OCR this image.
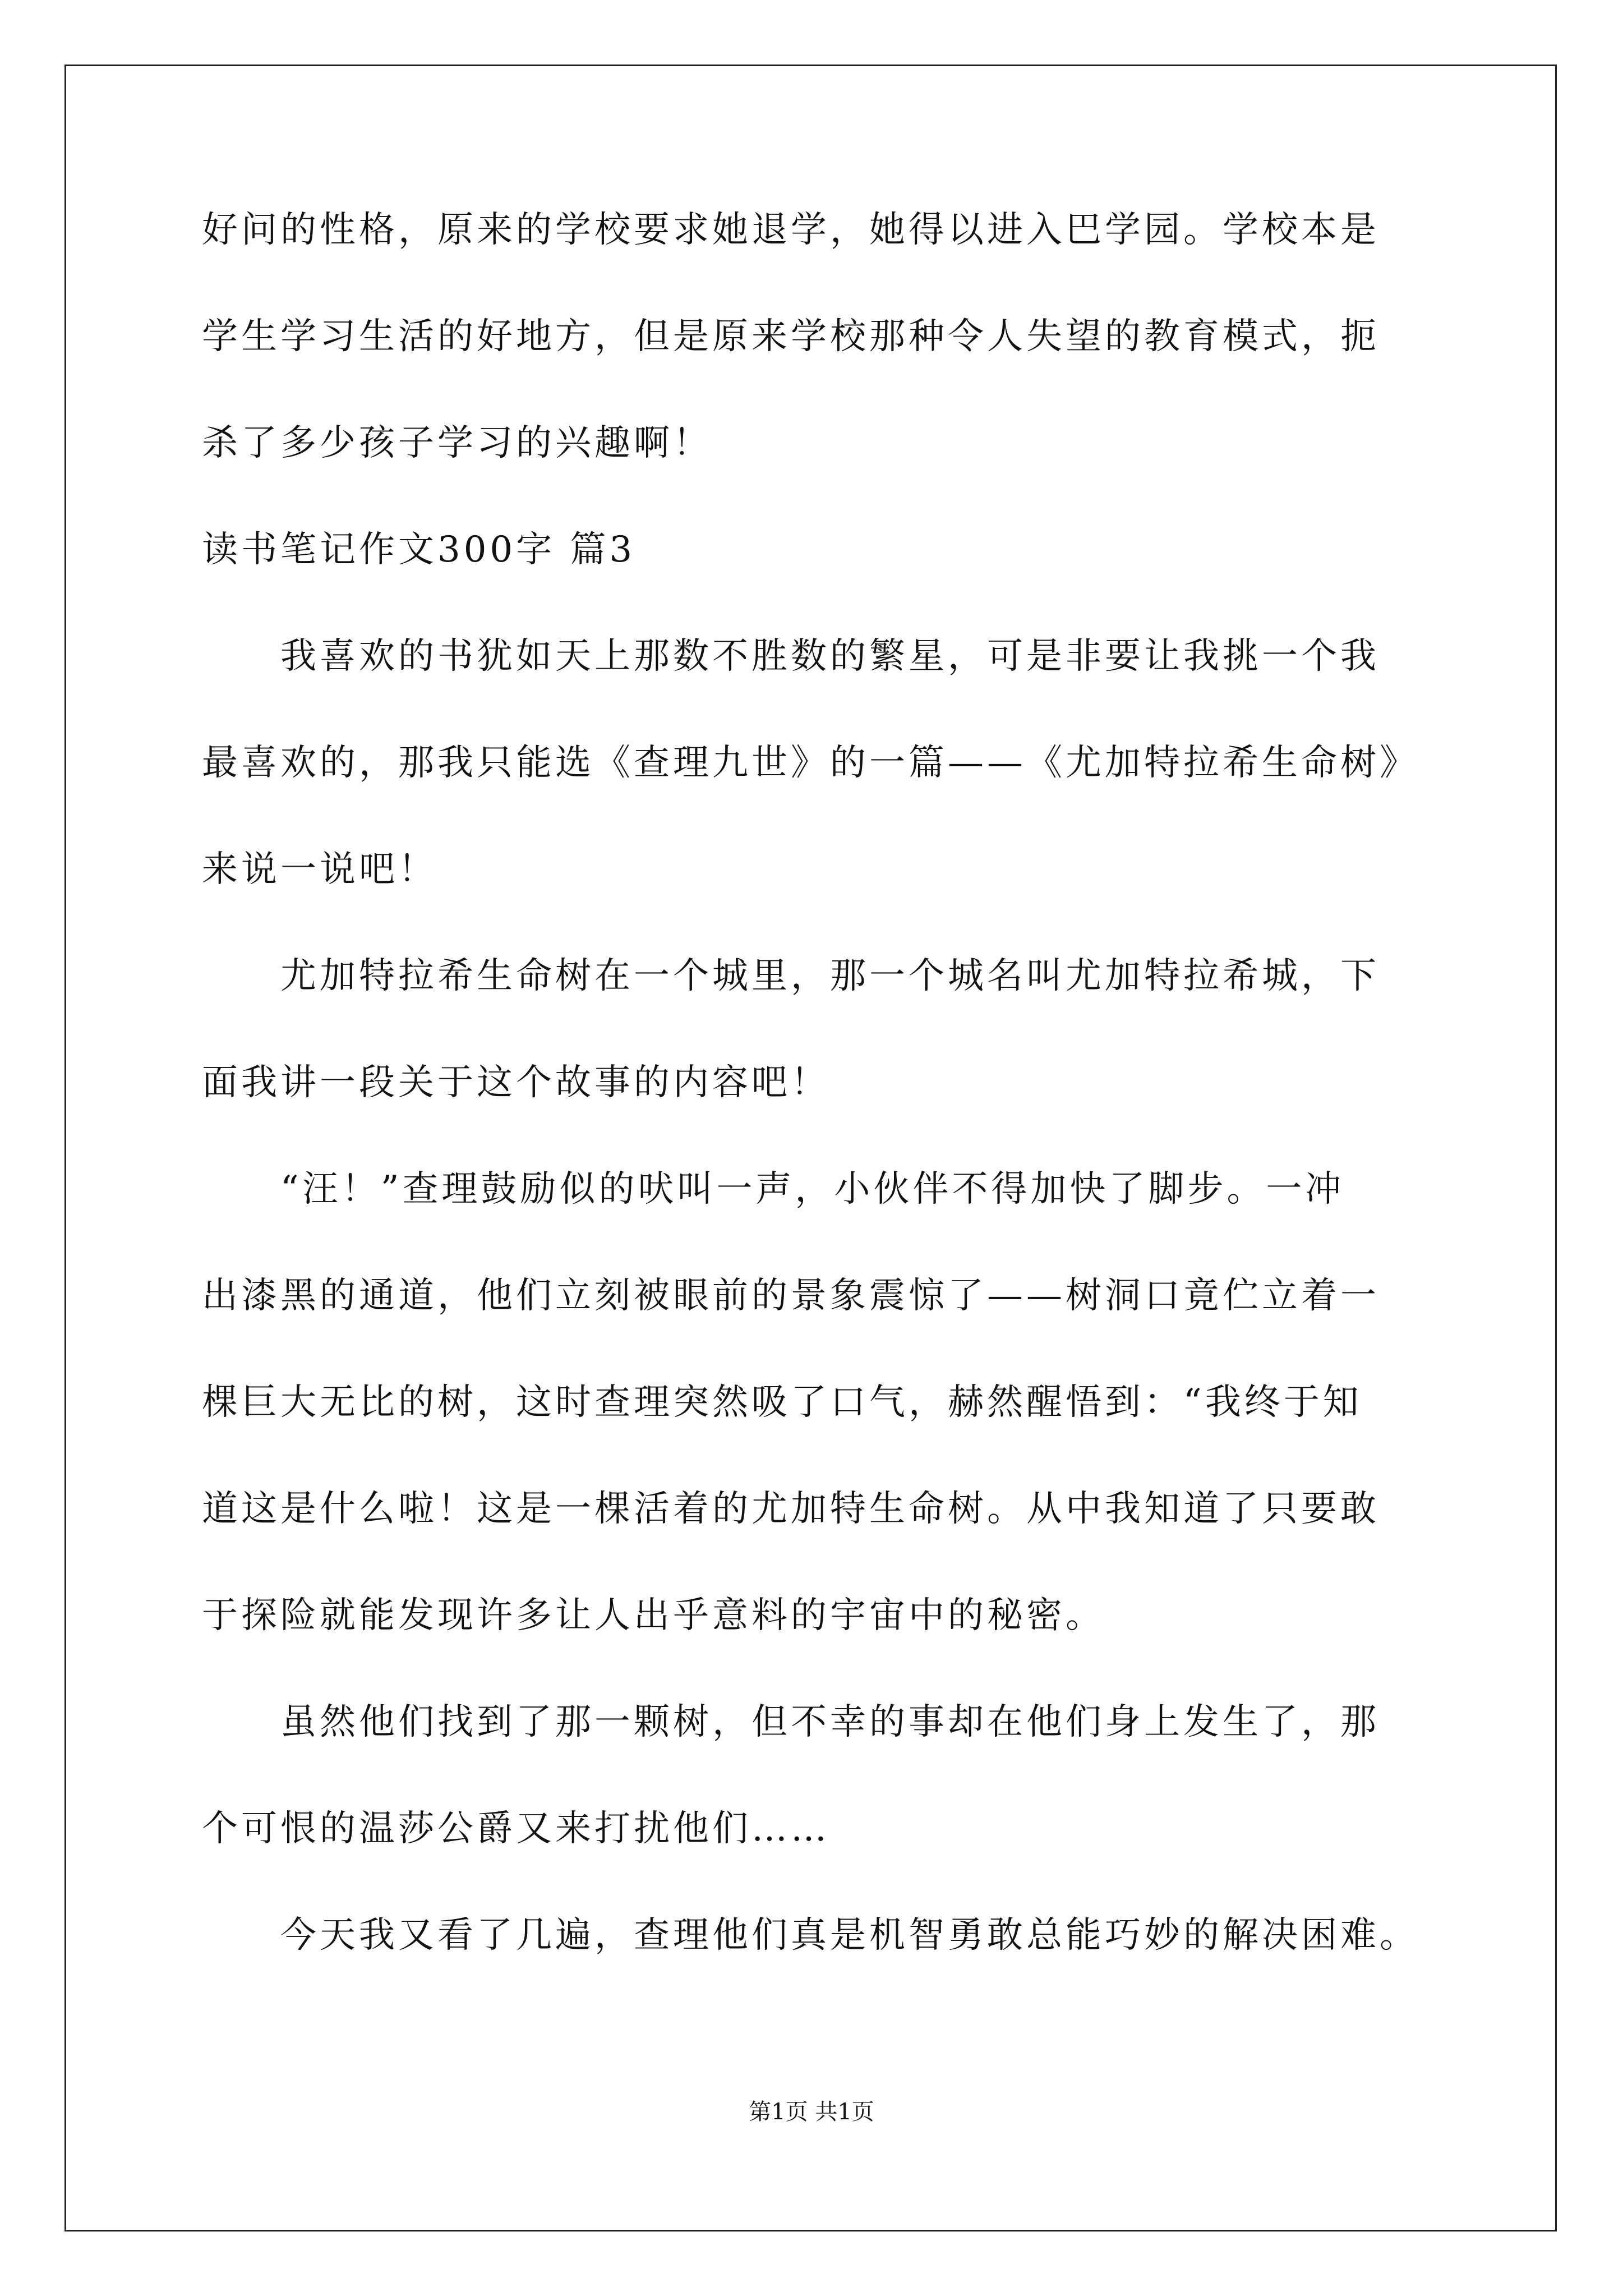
好问的性格，原来的学校要求她退学，她得以进入巴学园。学校本是
学生学习生活的好地方，但是原来学校那种令人失望的教育模式，扼
杀了多少孩子学习的兴趣啊！
读书笔记作文300字 篇3
我喜欢的书犹如天上那数不胜数的繁星，可是非要让我挑一个我
最喜欢的，那我只能选《查理九世》的一篇——《尤加特拉希生命树》
来说一说吧！
尤加特拉希生命树在一个城里，那一个城名叫尤加特拉希城，下
面我讲一段关于这个故事的内容吧！
“汪！”查理鼓励似的吠叫一声，小伙伴不得加快了脚步。一冲
出漆黑的通道，他们立刻被眼前的景象震惊了——树洞口竟伫立着一
棵巨大无比的树，这时查理突然吸了口气，赫然醒悟到：“我终于知
道这是什么啦！这是一棵活着的尤加特生命树。从中我知道了只要敢
于探险就能发现许多让人出乎意料的宇宙中的秘密。
虽然他们找到了那一颗树，但不幸的事却在他们身上发生了，那
个可恨的温莎公爵又来打扰他们……
今天我又看了几遍，查理他们真是机智勇敢总能巧妙的解决困难。
第1页 共1页
